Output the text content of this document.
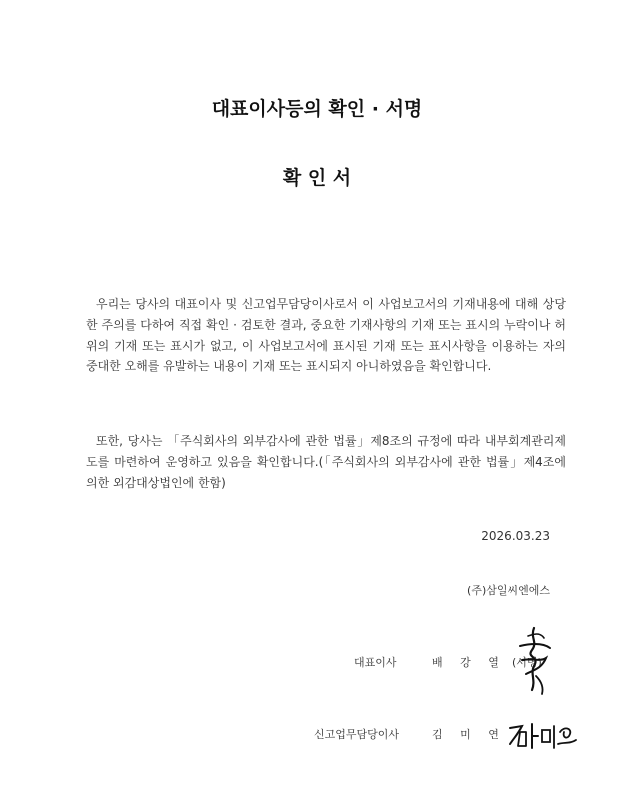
대표이사등의 확인 · 서명
확 인 서

우리는 당사의 대표이사 및 신고업무담당이사로서 이 사업보고서의 기재내용에 대해 상당한 주의를 다하여 직접 확인 · 검토한 결과, 중요한 기재사항의 기재 또는 표시의 누락이나 허위의 기재 또는 표시가 없고, 이 사업보고서에 표시된 기재 또는 표시사항을 이용하는 자의 중대한 오해를 유발하는 내용이 기재 또는 표시되지 아니하였음을 확인합니다.

또한, 당사는 「주식회사의 외부감사에 관한 법률」제8조의 규정에 따라 내부회계관리제도를 마련하여 운영하고 있음을 확인합니다.(「주식회사의 외부감사에 관한 법률」제4조에 의한 외감대상법인에 한함)

2026.03.23
(주)삼일씨엔에스
대표이사	배 강 열 (서명)
신고업무담당이사	김 미 연
